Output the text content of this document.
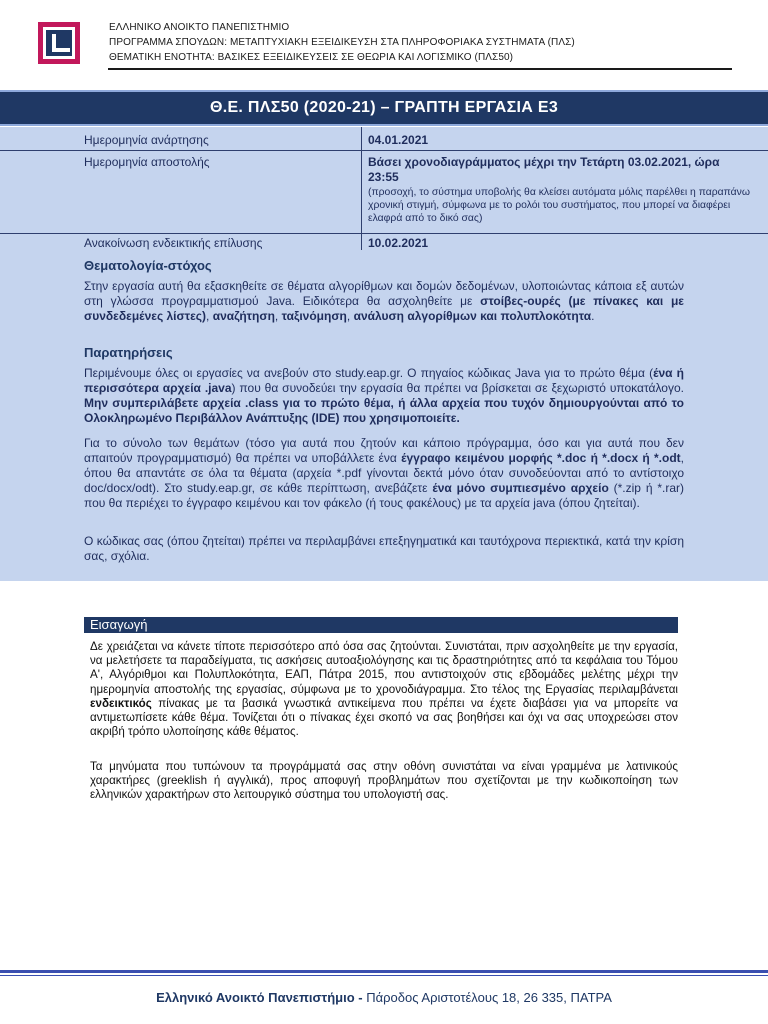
ΕΛΛΗΝΙΚΟ ΑΝΟΙΚΤΟ ΠΑΝΕΠΙΣΤΗΜΙΟ
ΠΡΟΓΡΑΜΜΑ ΣΠΟΥΔΩΝ: ΜΕΤΑΠΤΥΧΙΑΚΗ ΕΞΕΙΔΙΚΕΥΣΗ ΣΤΑ ΠΛΗΡΟΦΟΡΙΑΚΑ ΣΥΣΤΗΜΑΤΑ (ΠΛΣ)
ΘΕΜΑΤΙΚΗ ΕΝΟΤΗΤΑ: ΒΑΣΙΚΕΣ ΕΞΕΙΔΙΚΕΥΣΕΙΣ ΣΕ ΘΕΩΡΙΑ ΚΑΙ ΛΟΓΙΣΜΙΚΟ (ΠΛΣ50)
Θ.Ε. ΠΛΣ50 (2020-21) – ΓΡΑΠΤΗ ΕΡΓΑΣΙΑ Ε3
Ημερομηνία ανάρτησης	04.01.2021
Ημερομηνία αποστολής	Βάσει χρονοδιαγράμματος μέχρι την Τετάρτη 03.02.2021, ώρα 23:55
(προσοχή, το σύστημα υποβολής θα κλείσει αυτόματα μόλις παρέλθει η παραπάνω χρονική στιγμή, σύμφωνα με το ρολόι του συστήματος, που μπορεί να διαφέρει ελαφρά από το δικό σας)
Ανακοίνωση ενδεικτικής επίλυσης	10.02.2021
Θεματολογία-στόχος
Στην εργασία αυτή θα εξασκηθείτε σε θέματα αλγορίθμων και δομών δεδομένων, υλοποιώντας κάποια εξ αυτών στη γλώσσα προγραμματισμού Java. Ειδικότερα θα ασχοληθείτε με στοίβες-ουρές (με πίνακες και με συνδεδεμένες λίστες), αναζήτηση, ταξινόμηση, ανάλυση αλγορίθμων και πολυπλοκότητα.
Παρατηρήσεις
Περιμένουμε όλες οι εργασίες να ανεβούν στο study.eap.gr. Ο πηγαίος κώδικας Java για το πρώτο θέμα (ένα ή περισσότερα αρχεία .java) που θα συνοδεύει την εργασία θα πρέπει να βρίσκεται σε ξεχωριστό υποκατάλογο. Μην συμπεριλάβετε αρχεία .class για το πρώτο θέμα, ή άλλα αρχεία που τυχόν δημιουργούνται από το Ολοκληρωμένο Περιβάλλον Ανάπτυξης (IDE) που χρησιμοποιείτε.
Για το σύνολο των θεμάτων (τόσο για αυτά που ζητούν και κάποιο πρόγραμμα, όσο και για αυτά που δεν απαιτούν προγραμματισμό) θα πρέπει να υποβάλλετε ένα έγγραφο κειμένου μορφής *.doc ή *.docx ή *.odt, όπου θα απαντάτε σε όλα τα θέματα (αρχεία *.pdf γίνονται δεκτά μόνο όταν συνοδεύονται από το αντίστοιχο doc/docx/odt). Στο study.eap.gr, σε κάθε περίπτωση, ανεβάζετε ένα μόνο συμπιεσμένο αρχείο (*.zip ή *.rar) που θα περιέχει το έγγραφο κειμένου και τον φάκελο (ή τους φακέλους) με τα αρχεία java (όπου ζητείται).
Ο κώδικας σας (όπου ζητείται) πρέπει να περιλαμβάνει επεξηγηματικά και ταυτόχρονα περιεκτικά, κατά την κρίση σας, σχόλια.
Εισαγωγή
Δε χρειάζεται να κάνετε τίποτε περισσότερο από όσα σας ζητούνται. Συνιστάται, πριν ασχοληθείτε με την εργασία, να μελετήσετε τα παραδείγματα, τις ασκήσεις αυτοαξιολόγησης και τις δραστηριότητες από τα κεφάλαια του Τόμου Α', Αλγόριθμοι και Πολυπλοκότητα, ΕΑΠ, Πάτρα 2015, που αντιστοιχούν στις εβδομάδες μελέτης μέχρι την ημερομηνία αποστολής της εργασίας, σύμφωνα με το χρονοδιάγραμμα. Στο τέλος της Εργασίας περιλαμβάνεται ενδεικτικός πίνακας με τα βασικά γνωστικά αντικείμενα που πρέπει να έχετε διαβάσει για να μπορείτε να αντιμετωπίσετε κάθε θέμα. Τονίζεται ότι ο πίνακας έχει σκοπό να σας βοηθήσει και όχι να σας υποχρεώσει στον ακριβή τρόπο υλοποίησης κάθε θέματος.
Τα μηνύματα που τυπώνουν τα προγράμματά σας στην οθόνη συνιστάται να είναι γραμμένα με λατινικούς χαρακτήρες (greeklish ή αγγλικά), προς αποφυγή προβλημάτων που σχετίζονται με την κωδικοποίηση των ελληνικών χαρακτήρων στο λειτουργικό σύστημα του υπολογιστή σας.
Ελληνικό Ανοικτό Πανεπιστήμιο - Πάροδος Αριστοτέλους 18, 26 335, ΠΑΤΡΑ
